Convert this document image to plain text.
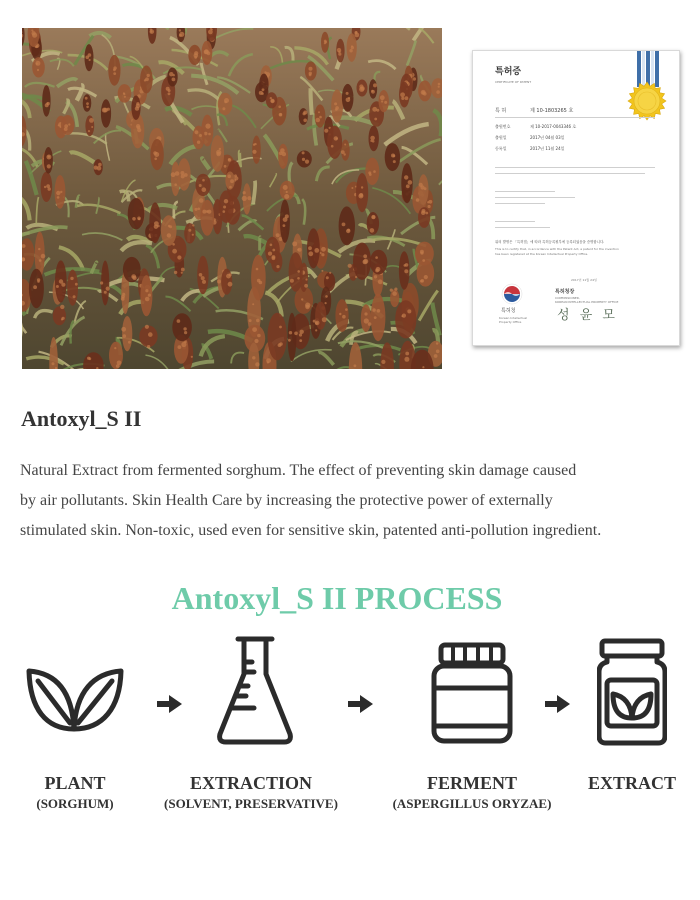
특허증
CERTIFICATE OF PATENT
특 허	제 10-1803265 호
출원번호	제 10-2017-0043346 호
출원일	2017년 04월 03일
등록일	2017년 11월 24일
위의 발명은 「특허법」에 따라 특허등록원부에 등록되었음을 증명합니다.
This is to certify that, in accordance with the Patent Act, a patent for the invention
has been registered at the Korean Intellectual Property Office.
2017년 11월 24일
특허청장
COMMISSIONER,
KOREAN INTELLECTUAL PROPERTY OFFICE
성 윤 모
특허청
Korean Intellectual
Property Office
Antoxyl_S II

Natural Extract from fermented sorghum. The effect of preventing skin damage caused
by air pollutants. Skin Health Care by increasing the protective power of externally
stimulated skin. Non-toxic, used even for sensitive skin, patented anti-pollution ingredient.

Antoxyl_S II PROCESS
PLANT
(SORGHUM)
EXTRACTION
(SOLVENT, PRESERVATIVE)
FERMENT
(ASPERGILLUS ORYZAE)
EXTRACT
